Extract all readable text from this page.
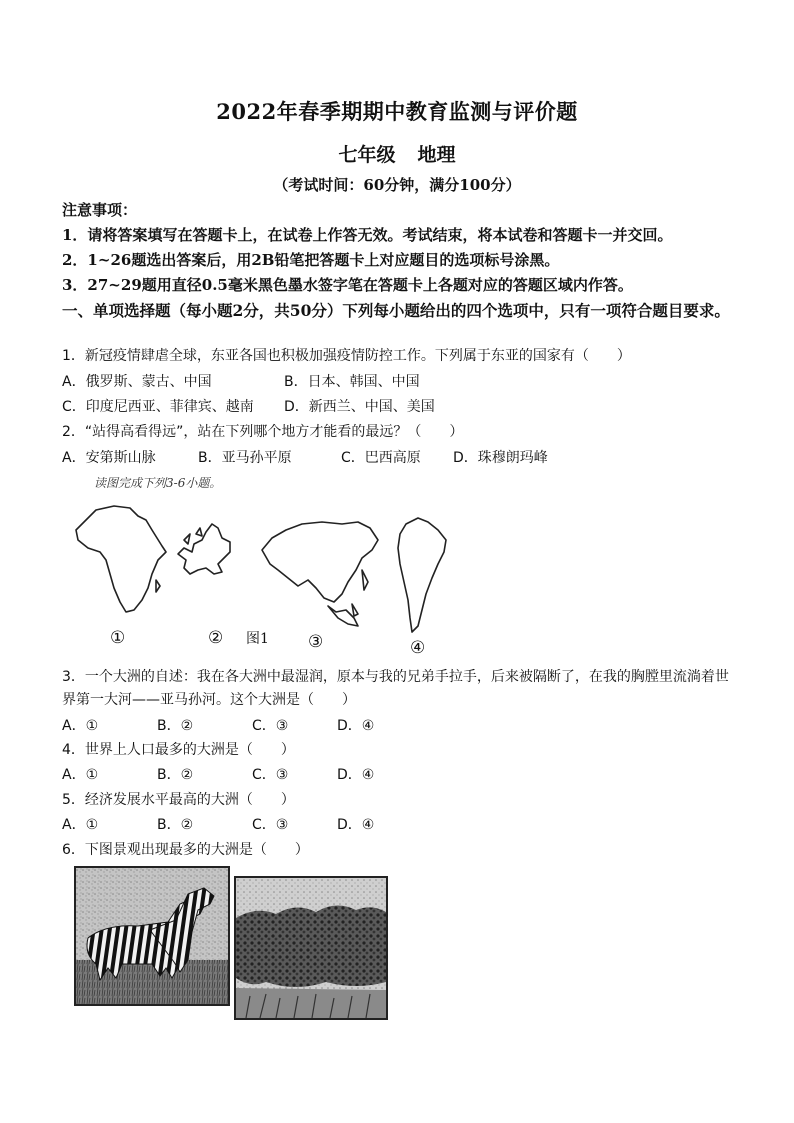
2022年春季期期中教育监测与评价题
七年级 地理
（考试时间：60分钟，满分100分）
注意事项：
1．请将答案填写在答题卡上，在试卷上作答无效。考试结束，将本试卷和答题卡一并交回。
2．1~26题选出答案后，用2B铅笔把答题卡上对应题目的选项标号涂黑。
3．27~29题用直径0.5毫米黑色墨水签字笔在答题卡上各题对应的答题区域内作答。
一、单项选择题（每小题2分，共50分）下列每小题给出的四个选项中，只有一项符合题目要求。
1．新冠疫情肆虐全球，东亚各国也积极加强疫情防控工作。下列属于东亚的国家有（　　）
A．俄罗斯、蒙古、中国	B．日本、韩国、中国
C．印度尼西亚、菲律宾、越南 D．新西兰、中国、美国
2．“站得高看得远”，站在下列哪个地方才能看的最远？（　　）
A．安第斯山脉	B．亚马孙平原	C．巴西高原 D．珠穆朗玛峰
读图完成下列3-6小题。
①	② 图1 ③	④
3．一个大洲的自述：我在各大洲中最湿润，原本与我的兄弟手拉手，后来被隔断了，在我的胸膛里流淌着世界第一大河——亚马孙河。这个大洲是（　　）
A．①	B．②	C．③	D．④
4．世界上人口最多的大洲是（　　）
A．①	B．②	C．③	D．④
5．经济发展水平最高的大洲（　　）
A．①	B．②	C．③	D．④
6．下图景观出现最多的大洲是（　　）
